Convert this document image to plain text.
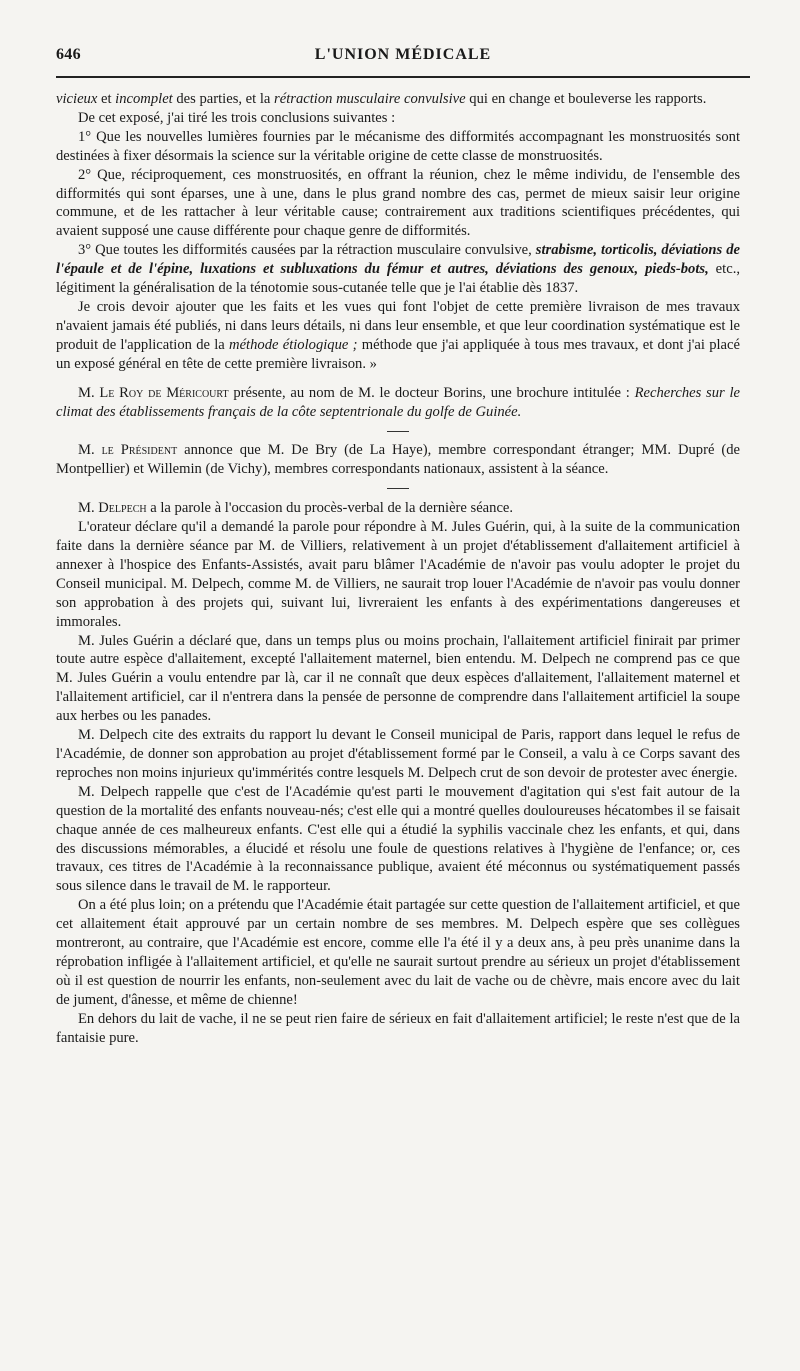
646	L'UNION MÉDICALE

vicieux et incomplet des parties, et la rétraction musculaire convulsive qui en change et bouleverse les rapports.

De cet exposé, j'ai tiré les trois conclusions suivantes :

1° Que les nouvelles lumières fournies par le mécanisme des difformités accompagnant les monstruosités sont destinées à fixer désormais la science sur la véritable origine de cette classe de monstruosités.

2° Que, réciproquement, ces monstruosités, en offrant la réunion, chez le même individu, de l'ensemble des difformités qui sont éparses, une à une, dans le plus grand nombre des cas, permet de mieux saisir leur origine commune, et de les rattacher à leur véritable cause; contrairement aux traditions scientifiques précédentes, qui avaient supposé une cause différente pour chaque genre de difformités.

3° Que toutes les difformités causées par la rétraction musculaire convulsive, strabisme, torticolis, déviations de l'épaule et de l'épine, luxations et subluxations du fémur et autres, déviations des genoux, pieds-bots, etc., légitiment la généralisation de la ténotomie sous-cutanée telle que je l'ai établie dès 1837.

Je crois devoir ajouter que les faits et les vues qui font l'objet de cette première livraison de mes travaux n'avaient jamais été publiés, ni dans leurs détails, ni dans leur ensemble, et que leur coordination systématique est le produit de l'application de la méthode étiologique ; méthode que j'ai appliquée à tous mes travaux, et dont j'ai placé un exposé général en tête de cette première livraison. »

M. Le Roy de Méricourt présente, au nom de M. le docteur Borins, une brochure intitulée : Recherches sur le climat des établissements français de la côte septentrionale du golfe de Guinée.

M. le Président annonce que M. De Bry (de La Haye), membre correspondant étranger; MM. Dupré (de Montpellier) et Willemin (de Vichy), membres correspondants nationaux, assistent à la séance.

M. Delpech a la parole à l'occasion du procès-verbal de la dernière séance.

L'orateur déclare qu'il a demandé la parole pour répondre à M. Jules Guérin, qui, à la suite de la communication faite dans la dernière séance par M. de Villiers, relativement à un projet d'établissement d'allaitement artificiel à annexer à l'hospice des Enfants-Assistés, avait paru blâmer l'Académie de n'avoir pas voulu adopter le projet du Conseil municipal. M. Delpech, comme M. de Villiers, ne saurait trop louer l'Académie de n'avoir pas voulu donner son approbation à des projets qui, suivant lui, livreraient les enfants à des expérimentations dangereuses et immorales.

M. Jules Guérin a déclaré que, dans un temps plus ou moins prochain, l'allaitement artificiel finirait par primer toute autre espèce d'allaitement, excepté l'allaitement maternel, bien entendu. M. Delpech ne comprend pas ce que M. Jules Guérin a voulu entendre par là, car il ne connaît que deux espèces d'allaitement, l'allaitement maternel et l'allaitement artificiel, car il n'entrera dans la pensée de personne de comprendre dans l'allaitement artificiel la soupe aux herbes ou les panades.

M. Delpech cite des extraits du rapport lu devant le Conseil municipal de Paris, rapport dans lequel le refus de l'Académie, de donner son approbation au projet d'établissement formé par le Conseil, a valu à ce Corps savant des reproches non moins injurieux qu'immérités contre lesquels M. Delpech crut de son devoir de protester avec énergie.

M. Delpech rappelle que c'est de l'Académie qu'est parti le mouvement d'agitation qui s'est fait autour de la question de la mortalité des enfants nouveau-nés; c'est elle qui a montré quelles douloureuses hécatombes il se faisait chaque année de ces malheureux enfants. C'est elle qui a étudié la syphilis vaccinale chez les enfants, et qui, dans des discussions mémorables, a élucidé et résolu une foule de questions relatives à l'hygiène de l'enfance; or, ces travaux, ces titres de l'Académie à la reconnaissance publique, avaient été méconnus ou systématiquement passés sous silence dans le travail de M. le rapporteur.

On a été plus loin; on a prétendu que l'Académie était partagée sur cette question de l'allaitement artificiel, et que cet allaitement était approuvé par un certain nombre de ses membres. M. Delpech espère que ses collègues montreront, au contraire, que l'Académie est encore, comme elle l'a été il y a deux ans, à peu près unanime dans la réprobation infligée à l'allaitement artificiel, et qu'elle ne saurait surtout prendre au sérieux un projet d'établissement où il est question de nourrir les enfants, non-seulement avec du lait de vache ou de chèvre, mais encore avec du lait de jument, d'ânesse, et même de chienne!

En dehors du lait de vache, il ne se peut rien faire de sérieux en fait d'allaitement artificiel; le reste n'est que de la fantaisie pure.
